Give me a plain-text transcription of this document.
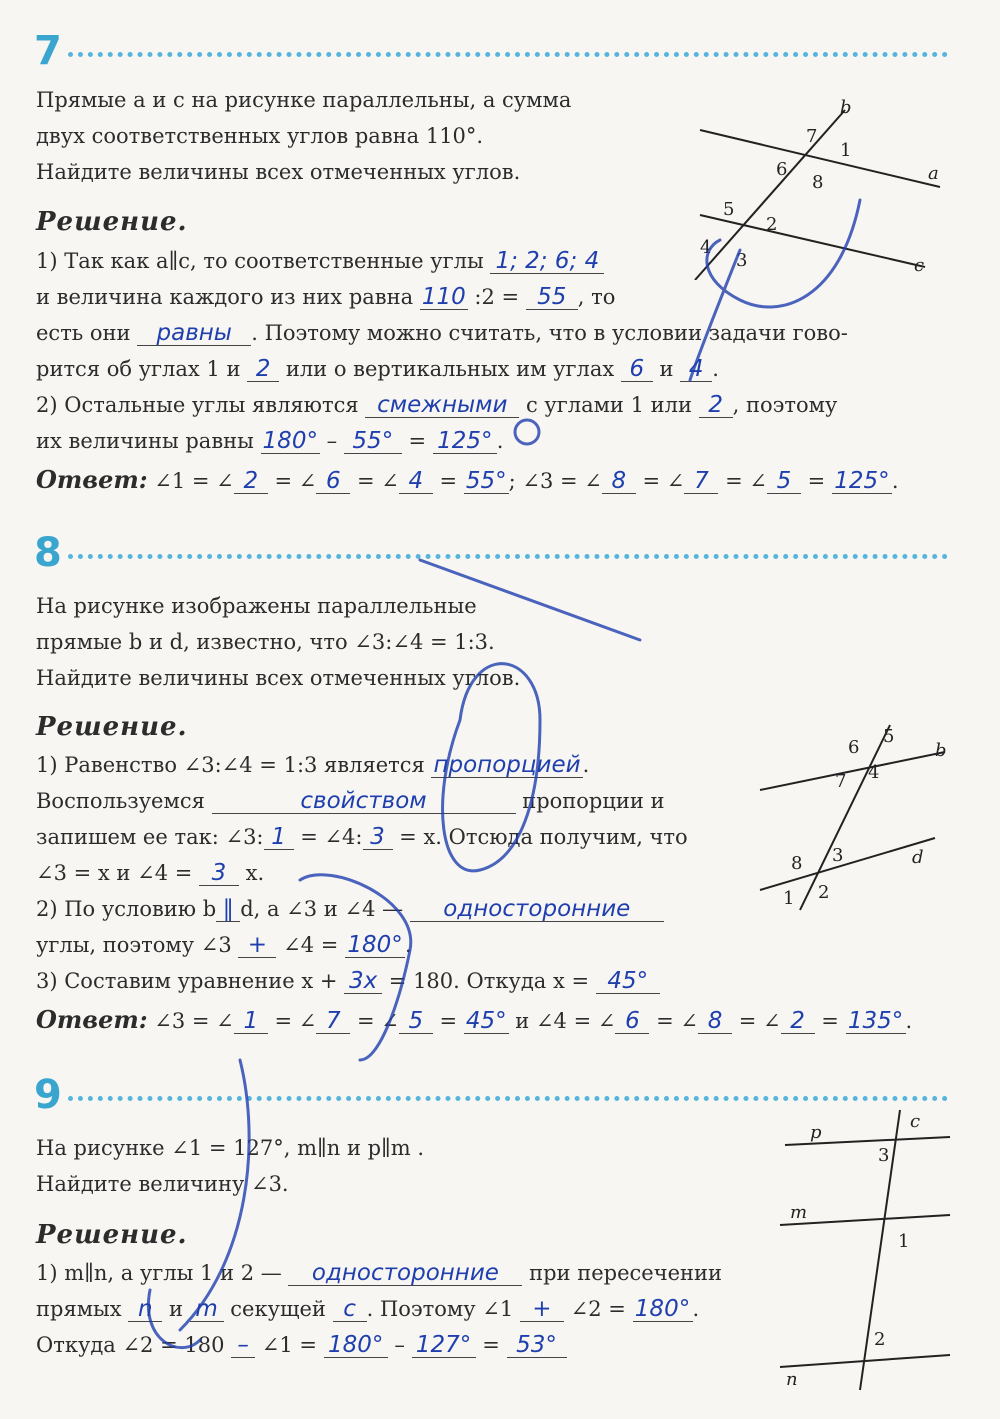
7
Прямые a и c на рисунке параллельны, а сумма
двух соответственных углов равна 110°.
Найдите величины всех отмеченных углов.
b
a
c
7
1
6
8
5
2
4
3
Решение.
1) Так как a∥c, то соответственные углы 1; 2; 6; 4
и величина каждого из них равна 110 :2 = 55 , то
есть они равны . Поэтому можно считать, что в условии задачи гово-
рится об углах 1 и 2 или о вертикальных им углах 6 и 4 .
2) Остальные углы являются смежными с углами 1 или 2 , поэтому
их величины равны 180° – 55° = 125° .
Ответ: ∠1 = ∠ 2 = ∠ 6 = ∠ 4 = 55°; ∠3 = ∠ 8 = ∠ 7 = ∠ 5 = 125° .
8
На рисунке изображены параллельные
прямые b и d, известно, что ∠3:∠4 = 1:3.
Найдите величины всех отмеченных углов.
b
d
6
5
7 4
8 3
1 2
Решение.
1) Равенство ∠3:∠4 = 1:3 является пропорцией.
Воспользуемся	свойством	пропорции и
запишем ее так: ∠3: 1 = ∠4: 3 = x. Отсюда получим, что
∠3 = x и ∠4 = 3 x.
2) По условию b ∥ d, а ∠3 и ∠4 — односторонние
углы, поэтому ∠3 + ∠4 = 180° .
3) Составим уравнение x + 3x = 180. Откуда x = 45°
Ответ: ∠3 = ∠ 1 = ∠ 7 = ∠ 5 = 45° и ∠4 = ∠ 6 = ∠ 8 = ∠ 2 = 135° .
9
На рисунке ∠1 = 127°, m∥n и p∥m .
Найдите величину ∠3.
p
c
3
m
1
n
2
Решение.
1) m∥n, а углы 1 и 2 — односторонние при пересечении
прямых n и m секущей c . Поэтому ∠1 + ∠2 = 180° .
Откуда ∠2 = 180 – ∠1 = 180° – 127° = 53°
